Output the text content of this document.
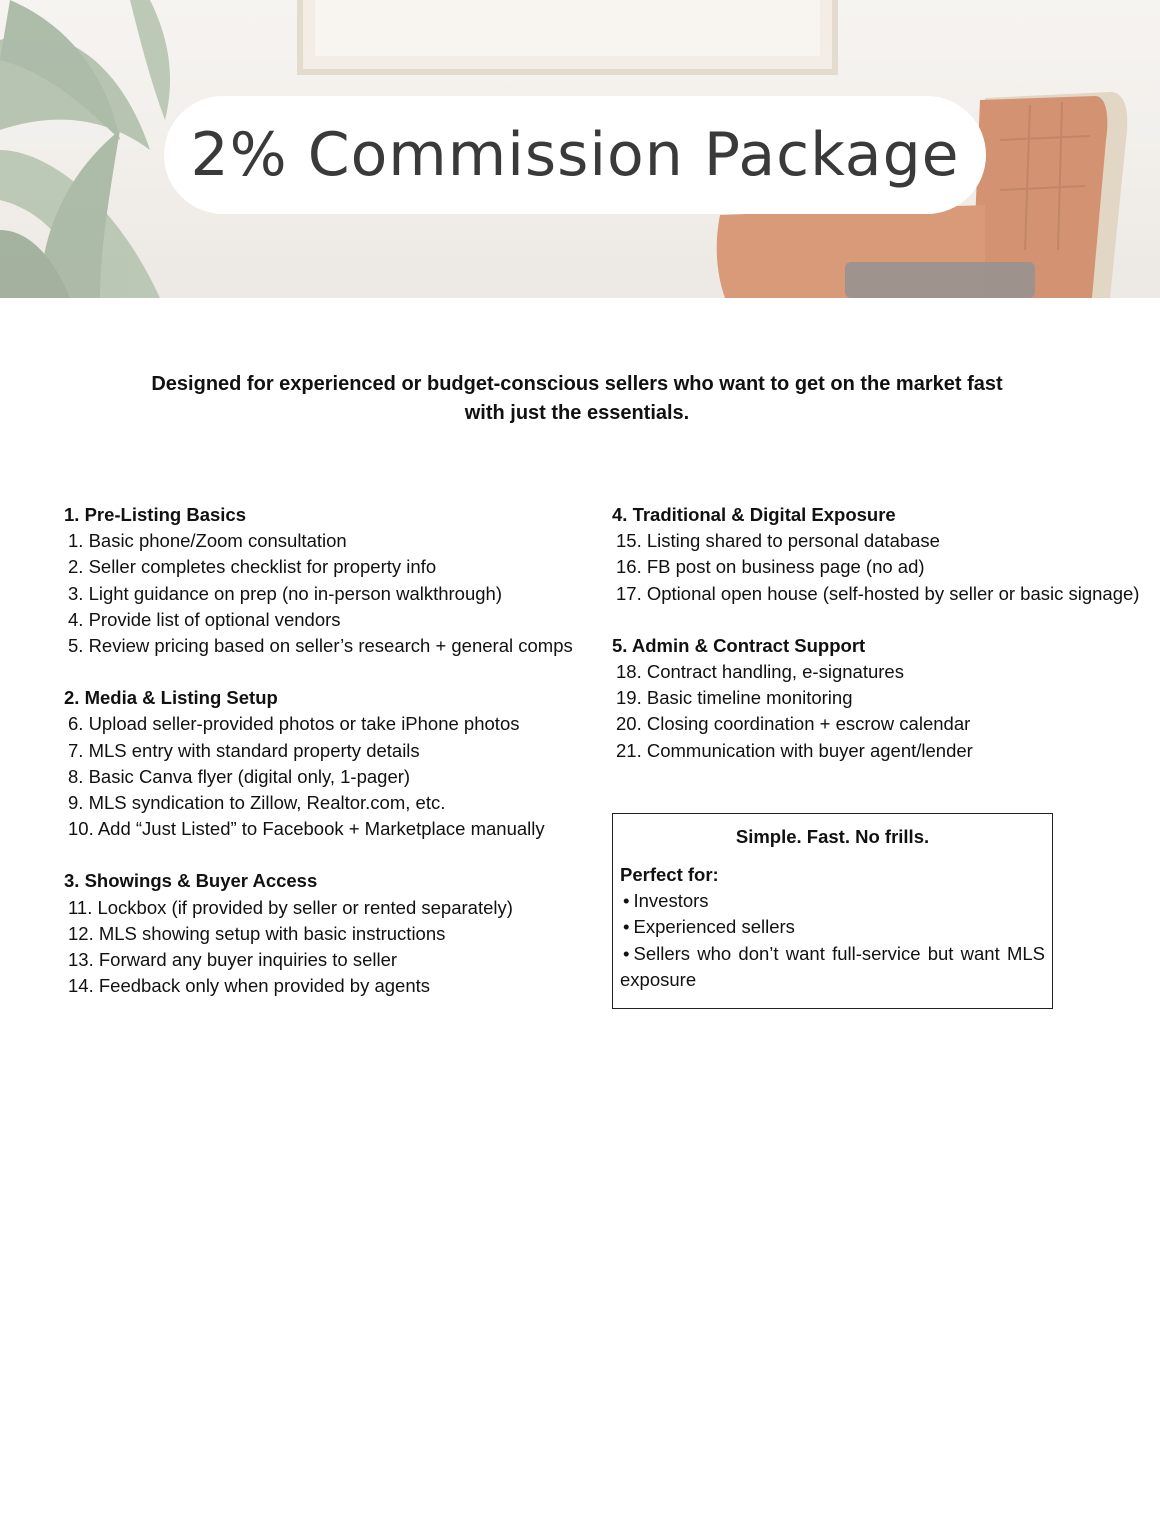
2% Commission Package
Designed for experienced or budget-conscious sellers who want to get on the market fast
with just the essentials.
1. Pre-Listing Basics
1. Basic phone/Zoom consultation
2. Seller completes checklist for property info
3. Light guidance on prep (no in-person walkthrough)
4. Provide list of optional vendors
5. Review pricing based on seller’s research + general comps
2. Media & Listing Setup
6. Upload seller-provided photos or take iPhone photos
7. MLS entry with standard property details
8. Basic Canva flyer (digital only, 1-pager)
9. MLS syndication to Zillow, Realtor.com, etc.
10. Add “Just Listed” to Facebook + Marketplace manually
3. Showings & Buyer Access
11. Lockbox (if provided by seller or rented separately)
12. MLS showing setup with basic instructions
13. Forward any buyer inquiries to seller
14. Feedback only when provided by agents
4. Traditional & Digital Exposure
15. Listing shared to personal database
16. FB post on business page (no ad)
17. Optional open house (self-hosted by seller or basic signage)
5. Admin & Contract Support
18. Contract handling, e-signatures
19. Basic timeline monitoring
20. Closing coordination + escrow calendar
21. Communication with buyer agent/lender
Simple. Fast. No frills.
Perfect for:
• Investors
• Experienced sellers
• Sellers who don’t want full-service but want MLS exposure
